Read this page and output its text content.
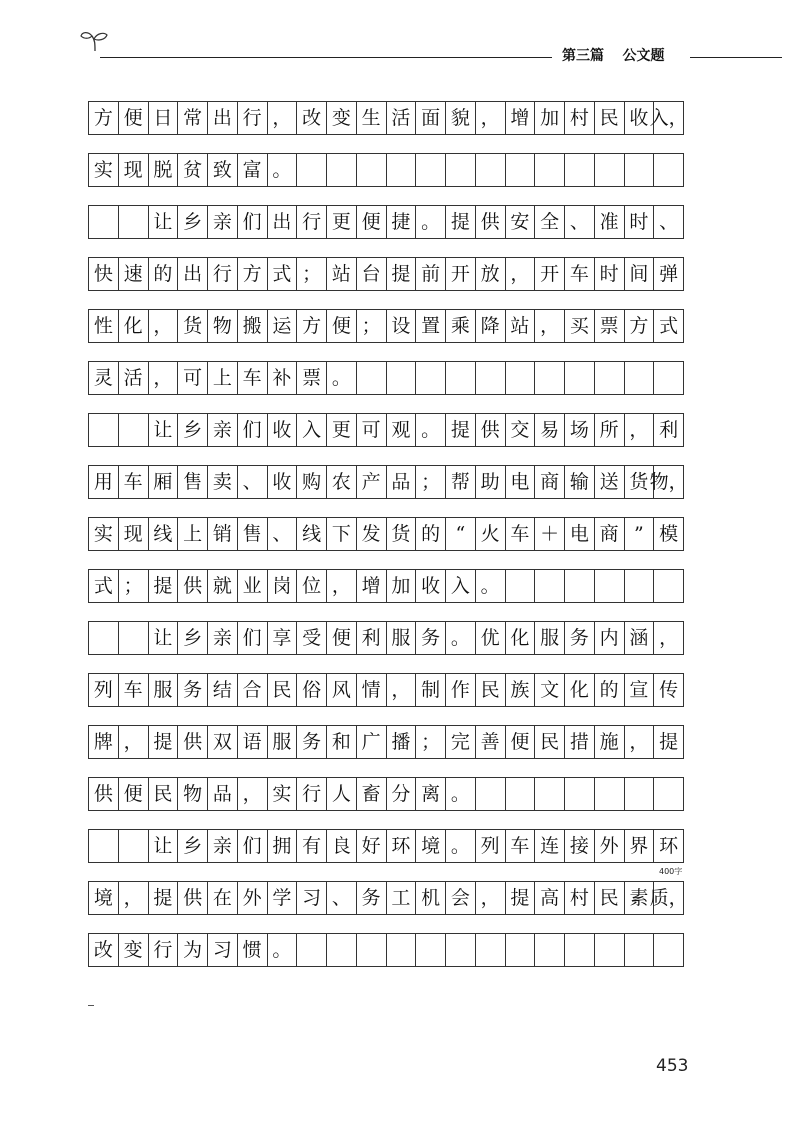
第三篇 公文题
方 便 日 常 出 行 ， 改 变 生 活 面 貌 ， 增 加 村 民 收 入，
实 现 脱 贫 致 富 。
让 乡 亲 们 出 行 更 便 捷 。 提 供 安 全 、 准 时 、
快 速 的 出 行 方 式 ； 站 台 提 前 开 放 ， 开 车 时 间 弹
性 化 ， 货 物 搬 运 方 便 ； 设 置 乘 降 站 ， 买 票 方 式
灵 活 ， 可 上 车 补 票 。
让 乡 亲 们 收 入 更 可 观 。 提 供 交 易 场 所 ， 利
用 车 厢 售 卖 、 收 购 农 产 品 ； 帮 助 电 商 输 送 货 物，
实 现 线 上 销 售 、 线 下 发 货 的 “ 火 车 ＋ 电 商 ” 模
式 ； 提 供 就 业 岗 位 ， 增 加 收 入 。
让 乡 亲 们 享 受 便 利 服 务 。 优 化 服 务 内 涵 ，
列 车 服 务 结 合 民 俗 风 情 ， 制 作 民 族 文 化 的 宣 传
牌 ， 提 供 双 语 服 务 和 广 播 ； 完 善 便 民 措 施 ， 提
供 便 民 物 品 ， 实 行 人 畜 分 离 。
让 乡 亲 们 拥 有 良 好 环 境 。 列 车 连 接 外 界 环
境 ， 提 供 在 外 学 习 、 务 工 机 会 ， 提 高 村 民 素 质，
改 变 行 为 习 惯 。
400字
453
